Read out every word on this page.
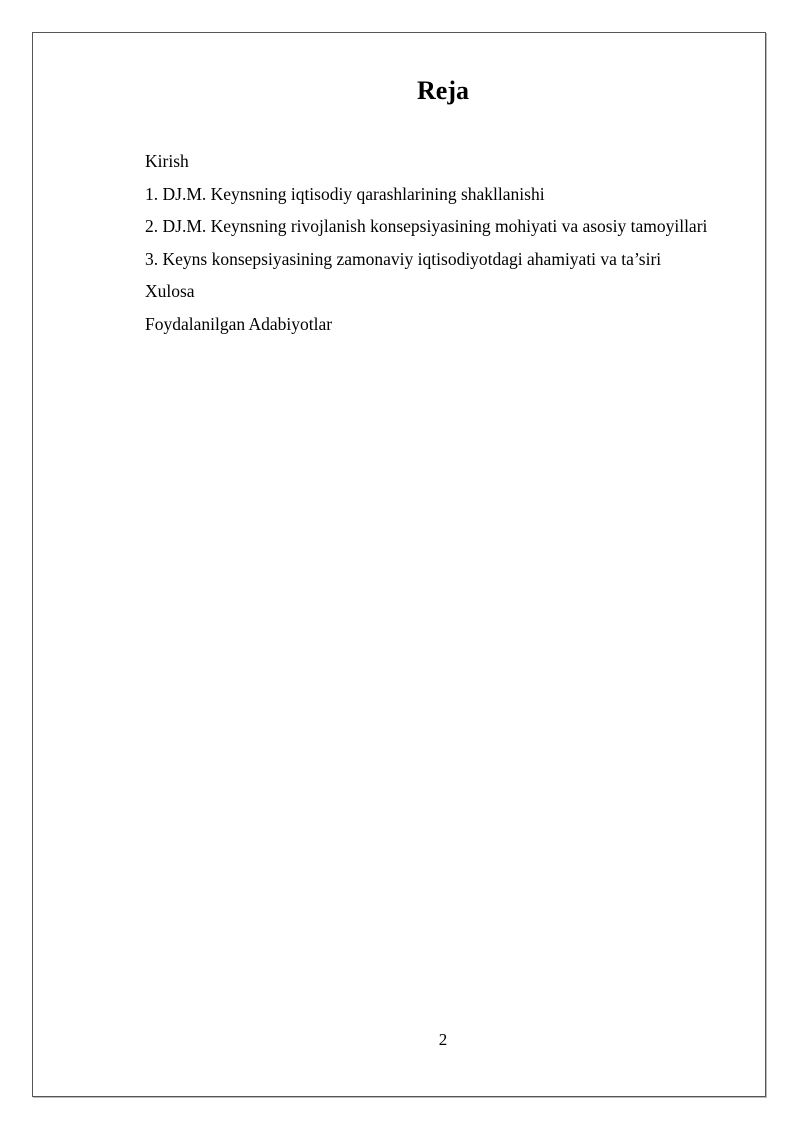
Reja
Kirish
1. DJ.M. Keynsning iqtisodiy qarashlarining shakllanishi
2. DJ.M. Keynsning rivojlanish konsepsiyasining mohiyati va asosiy tamoyillari
3. Keyns konsepsiyasining zamonaviy iqtisodiyotdagi ahamiyati va ta’siri
Xulosa
Foydalanilgan Adabiyotlar
2
